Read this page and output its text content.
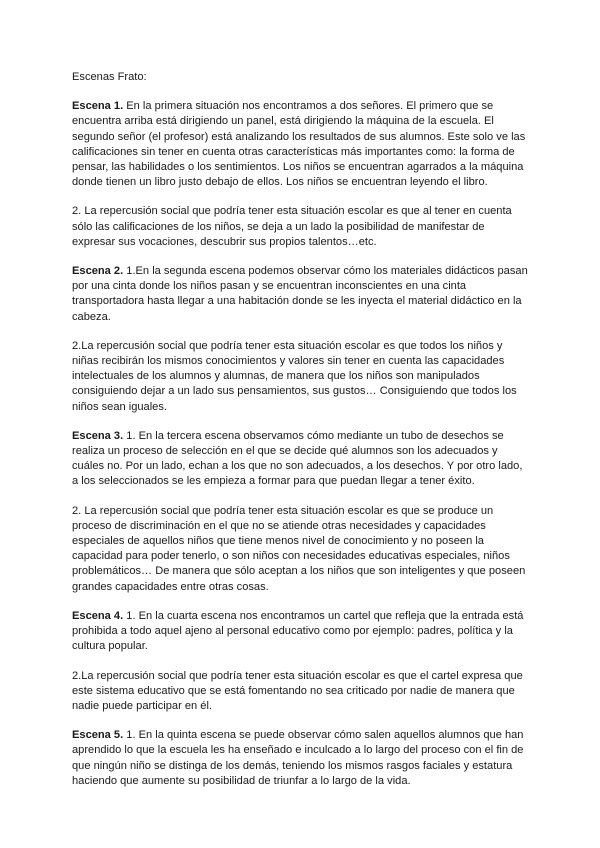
Escenas Frato:

Escena 1. En la primera situación nos encontramos a dos señores. El primero que se encuentra arriba está dirigiendo un panel, está dirigiendo la máquina de la escuela. El segundo señor (el profesor) está analizando los resultados de sus alumnos. Este solo ve las calificaciones sin tener en cuenta otras características más importantes como: la forma de pensar, las habilidades o los sentimientos. Los niños se encuentran agarrados a la máquina donde tienen un libro justo debajo de ellos. Los niños se encuentran leyendo el libro.

2. La repercusión social que podría tener esta situación escolar es que al tener en cuenta sólo las calificaciones de los niños, se deja a un lado la posibilidad de manifestar de expresar sus vocaciones, descubrir sus propios talentos…etc.

Escena 2. 1.En la segunda escena podemos observar cómo los materiales didácticos pasan por una cinta donde los niños pasan y se encuentran inconscientes en una cinta transportadora hasta llegar a una habitación donde se les inyecta el material didáctico en la cabeza.

2.La repercusión social que podría tener esta situación escolar es que todos los niños y niñas recibirán los mismos conocimientos y valores sin tener en cuenta las capacidades intelectuales de los alumnos y alumnas, de manera que los niños son manipulados consiguiendo dejar a un lado sus pensamientos, sus gustos… Consiguiendo que todos los niños sean iguales.

Escena 3. 1. En la tercera escena observamos cómo mediante un tubo de desechos se realiza un proceso de selección en el que se decide qué alumnos son los adecuados y cuáles no. Por un lado, echan a los que no son adecuados, a los desechos. Y por otro lado, a los seleccionados se les empieza a formar para que puedan llegar a tener éxito.

2. La repercusión social que podría tener esta situación escolar es que se produce un proceso de discriminación en el que no se atiende otras necesidades y capacidades especiales de aquellos niños que tiene menos nivel de conocimiento y no poseen la capacidad para poder tenerlo, o son niños con necesidades educativas especiales, niños problemáticos… De manera que sólo aceptan a los niños que son inteligentes y que poseen grandes capacidades entre otras cosas.

Escena 4. 1. En la cuarta escena nos encontramos un cartel que refleja que la entrada está prohibida a todo aquel ajeno al personal educativo como por ejemplo: padres, política y la cultura popular.

2.La repercusión social que podría tener esta situación escolar es que el cartel expresa que este sistema educativo que se está fomentando no sea criticado por nadie de manera que nadie puede participar en él.

Escena 5. 1. En la quinta escena se puede observar cómo salen aquellos alumnos que han aprendido lo que la escuela les ha enseñado e inculcado a lo largo del proceso con el fin de que ningún niño se distinga de los demás, teniendo los mismos rasgos faciales y estatura haciendo que aumente su posibilidad de triunfar a lo largo de la vida.
